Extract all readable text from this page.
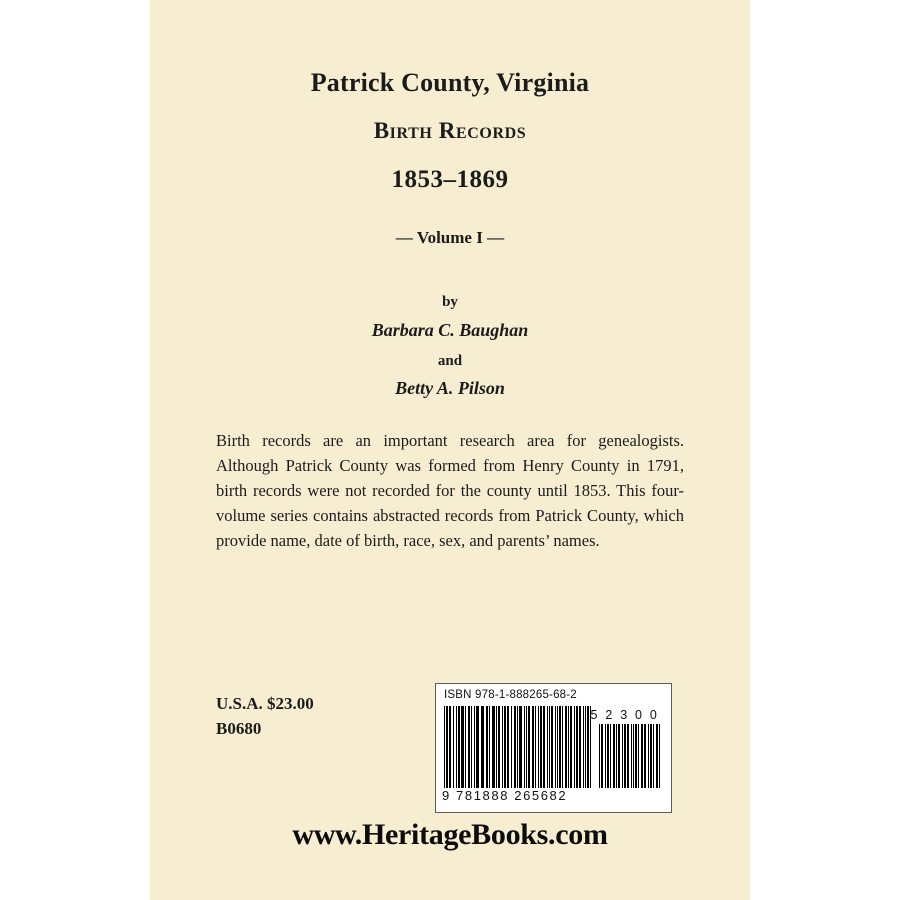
Patrick County, Virginia
Birth Records
1853–1869
— Volume I —
by
Barbara C. Baughan
and
Betty A. Pilson
Birth records are an important research area for genealogists. Although Patrick County was formed from Henry County in 1791, birth records were not recorded for the county until 1853. This four-volume series contains abstracted records from Patrick County, which provide name, date of birth, race, sex, and parents’ names.
U.S.A. $23.00
B0680
ISBN 978-1-888265-68-2
5 2 3 0 0
9 781888 265682
www.HeritageBooks.com
